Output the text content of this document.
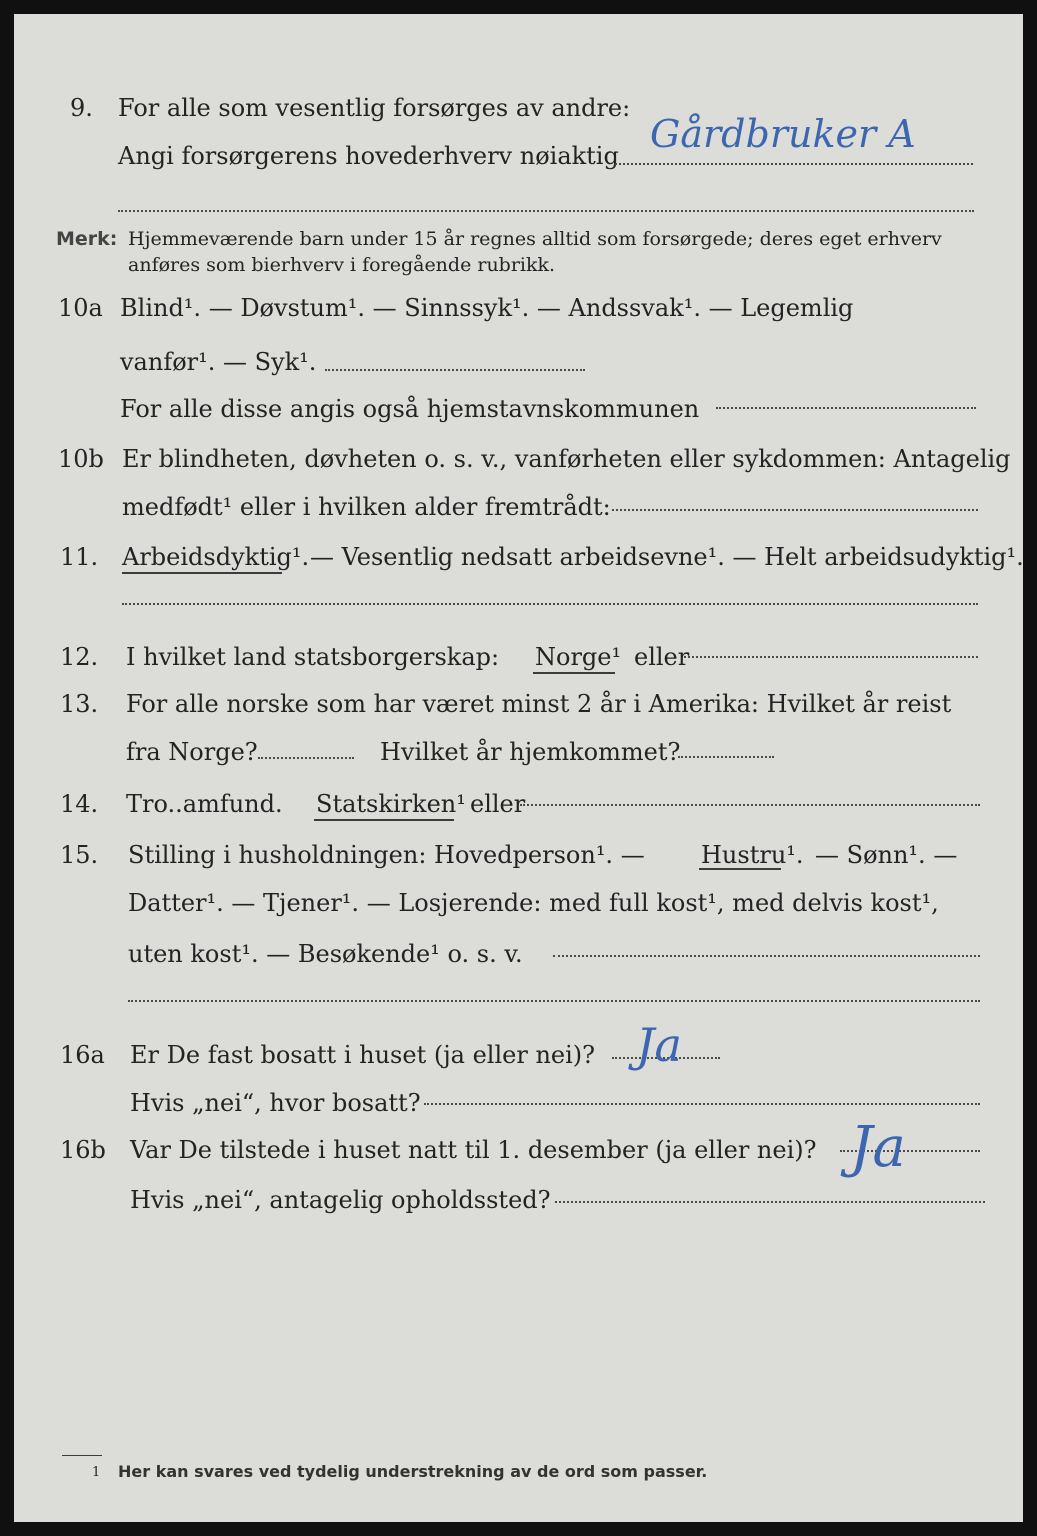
9. For alle som vesentlig forsørges av andre:
Angi forsørgerens hovederhverv nøiaktig Gårdbruker A
Merk: Hjemmeværende barn under 15 år regnes alltid som forsørgede; deres eget erhverv
anføres som bierhverv i foregående rubrikk.
10a Blind¹. — Døvstum¹. — Sinnssyk¹. — Andssvak¹. — Legemlig
vanfør¹. — Syk¹.
For alle disse angis også hjemstavnskommunen
10b Er blindheten, døvheten o. s. v., vanførheten eller sykdommen: Antagelig
medfødt¹ eller i hvilken alder fremtrådt:
11. Arbeidsdyktig¹. — Vesentlig nedsatt arbeidsevne¹. — Helt arbeidsudyktig¹.
12. I hvilket land statsborgerskap: Norge¹ eller
13. For alle norske som har været minst 2 år i Amerika: Hvilket år reist
fra Norge?	Hvilket år hjemkommet?
14. Tro..amfund. Statskirken¹ eller
15. Stilling i husholdningen: Hovedperson¹. — Hustru¹. — Sønn¹. —
Datter¹. — Tjener¹. — Losjerende: med full kost¹, med delvis kost¹,
uten kost¹. — Besøkende¹ o. s. v.
16a Er De fast bosatt i huset (ja eller nei)? Ja
Hvis „nei“, hvor bosatt?
16b Var De tilstede i huset natt til 1. desember (ja eller nei)? Ja
Hvis „nei“, antagelig opholdssted?
1 Her kan svares ved tydelig understrekning av de ord som passer.
